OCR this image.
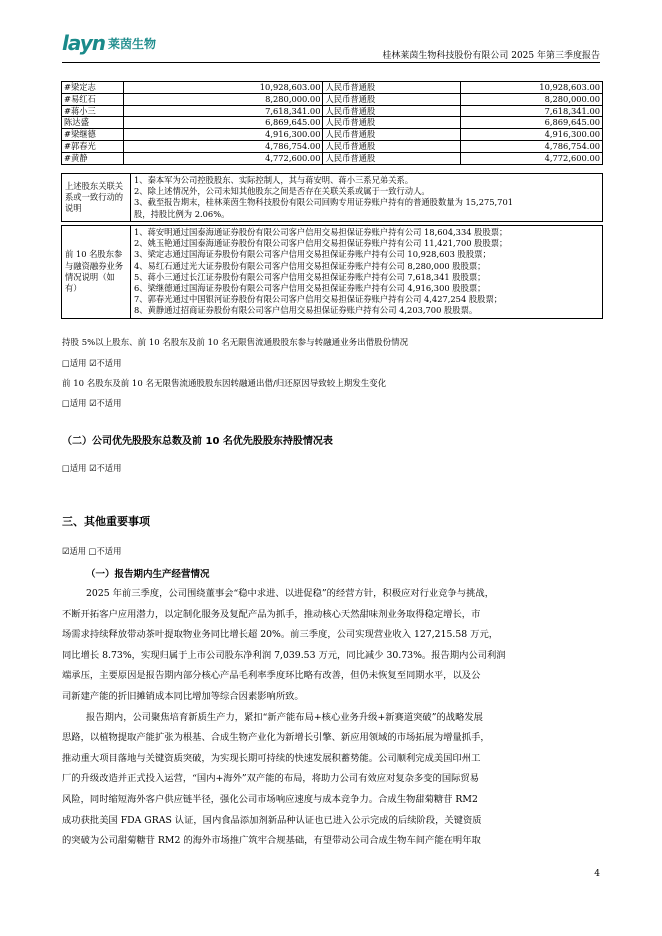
layn 莱茵生物
桂林莱茵生物科技股份有限公司 2025 年第三季度报告
#梁定志	10,928,603.00	人民币普通股	10,928,603.00
#易红石	8,280,000.00	人民币普通股	8,280,000.00
#蒋小三	7,618,341.00	人民币普通股	7,618,341.00
陈达盛	6,869,645.00	人民币普通股	6,869,645.00
#梁继德	4,916,300.00	人民币普通股	4,916,300.00
#郭春光	4,786,754.00	人民币普通股	4,786,754.00
#黄静	4,772,600.00	人民币普通股	4,772,600.00
上述股东关联关系或一致行动的说明	
1、秦本军为公司控股股东、实际控制人，其与蒋安明、蒋小三系兄弟关系。
2、除上述情况外，公司未知其他股东之间是否存在关联关系或属于一致行动人。
3、截至报告期末，桂林莱茵生物科技股份有限公司回购专用证券账户持有的普通股数量为 15,275,701
股，持股比例为 2.06%。
前 10 名股东参与融资融券业务情况说明（如有）	
1、蒋安明通过国泰海通证券股份有限公司客户信用交易担保证券账户持有公司 18,604,334 股股票；
2、姚玉艳通过国泰海通证券股份有限公司客户信用交易担保证券账户持有公司 11,421,700 股股票；
3、梁定志通过国海证券股份有限公司客户信用交易担保证券账户持有公司 10,928,603 股股票；
4、易红石通过光大证券股份有限公司客户信用交易担保证券账户持有公司 8,280,000 股股票；
5、蒋小三通过长江证券股份有限公司客户信用交易担保证券账户持有公司 7,618,341 股股票；
6、梁继德通过国海证券股份有限公司客户信用交易担保证券账户持有公司 4,916,300 股股票；
7、郭春光通过中国银河证券股份有限公司客户信用交易担保证券账户持有公司 4,427,254 股股票；
8、黄静通过招商证券股份有限公司客户信用交易担保证券账户持有公司 4,203,700 股股票。
持股 5%以上股东、前 10 名股东及前 10 名无限售流通股股东参与转融通业务出借股份情况
□适用 ☑不适用
前 10 名股东及前 10 名无限售流通股股东因转融通出借/归还原因导致较上期发生变化
□适用 ☑不适用
（二）公司优先股股东总数及前 10 名优先股股东持股情况表
□适用 ☑不适用
三、其他重要事项
☑适用 □不适用
（一）报告期内生产经营情况
2025 年前三季度，公司围绕董事会“稳中求进、以进促稳”的经营方针，积极应对行业竞争与挑战，
不断开拓客户应用潜力，以定制化服务及复配产品为抓手，推动核心天然甜味剂业务取得稳定增长，市
场需求持续释放带动茶叶提取物业务同比增长超 20%。前三季度，公司实现营业收入 127,215.58 万元，
同比增长 8.73%，实现归属于上市公司股东净利润 7,039.53 万元，同比减少 30.73%。报告期内公司利润
端承压，主要原因是报告期内部分核心产品毛利率季度环比略有改善，但仍未恢复至同期水平，以及公
司新建产能的折旧摊销成本同比增加等综合因素影响所致。
报告期内，公司聚焦培育新质生产力，紧扣“新产能布局+核心业务升级+新赛道突破”的战略发展
思路，以植物提取产能扩张为根基、合成生物产业化为新增长引擎、新应用领域的市场拓展为增量抓手，
推动重大项目落地与关键资质突破，为实现长期可持续的快速发展积蓄势能。公司顺利完成美国印州工
厂的升级改造并正式投入运营，“国内+海外”双产能的布局，将助力公司有效应对复杂多变的国际贸易
风险，同时缩短海外客户供应链半径，强化公司市场响应速度与成本竞争力。合成生物甜菊糖苷 RM2
成功获批美国 FDA GRAS 认证，国内食品添加剂新品种认证也已进入公示完成的后续阶段，关键资质
的突破为公司甜菊糖苷 RM2 的海外市场推广筑牢合规基础，有望带动公司合成生物车间产能在明年取
4
